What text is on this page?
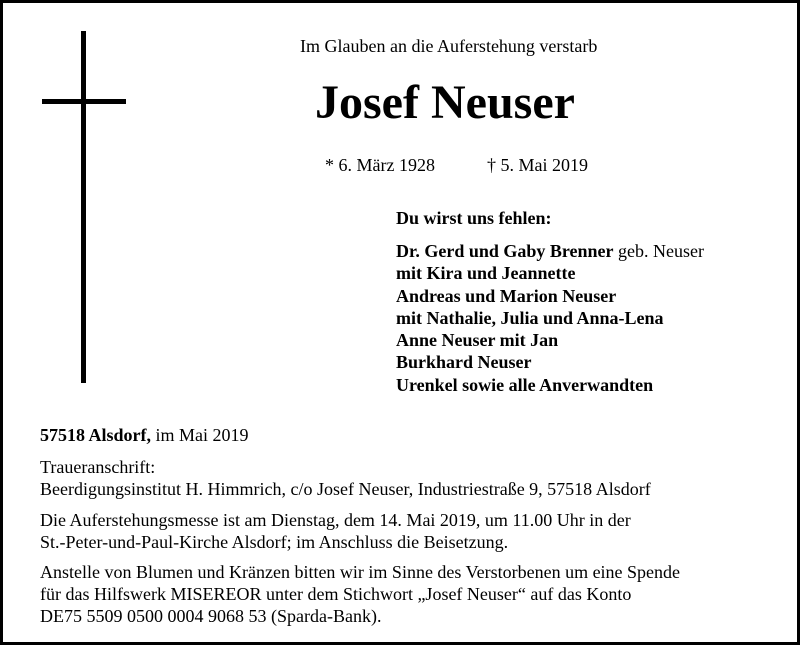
Im Glauben an die Auferstehung verstarb
Josef Neuser
* 6. März 1928	† 5. Mai 2019
Du wirst uns fehlen:
Dr. Gerd und Gaby Brenner geb. Neuser
mit Kira und Jeannette
Andreas und Marion Neuser
mit Nathalie, Julia und Anna-Lena
Anne Neuser mit Jan
Burkhard Neuser
Urenkel sowie alle Anverwandten
57518 Alsdorf, im Mai 2019
Traueranschrift:
Beerdigungsinstitut H. Himmrich, c/o Josef Neuser, Industriestraße 9, 57518 Alsdorf
Die Auferstehungsmesse ist am Dienstag, dem 14. Mai 2019, um 11.00 Uhr in der
St.-Peter-und-Paul-Kirche Alsdorf; im Anschluss die Beisetzung.
Anstelle von Blumen und Kränzen bitten wir im Sinne des Verstorbenen um eine Spende
für das Hilfswerk MISEREOR unter dem Stichwort „Josef Neuser“ auf das Konto
DE75 5509 0500 0004 9068 53 (Sparda-Bank).
